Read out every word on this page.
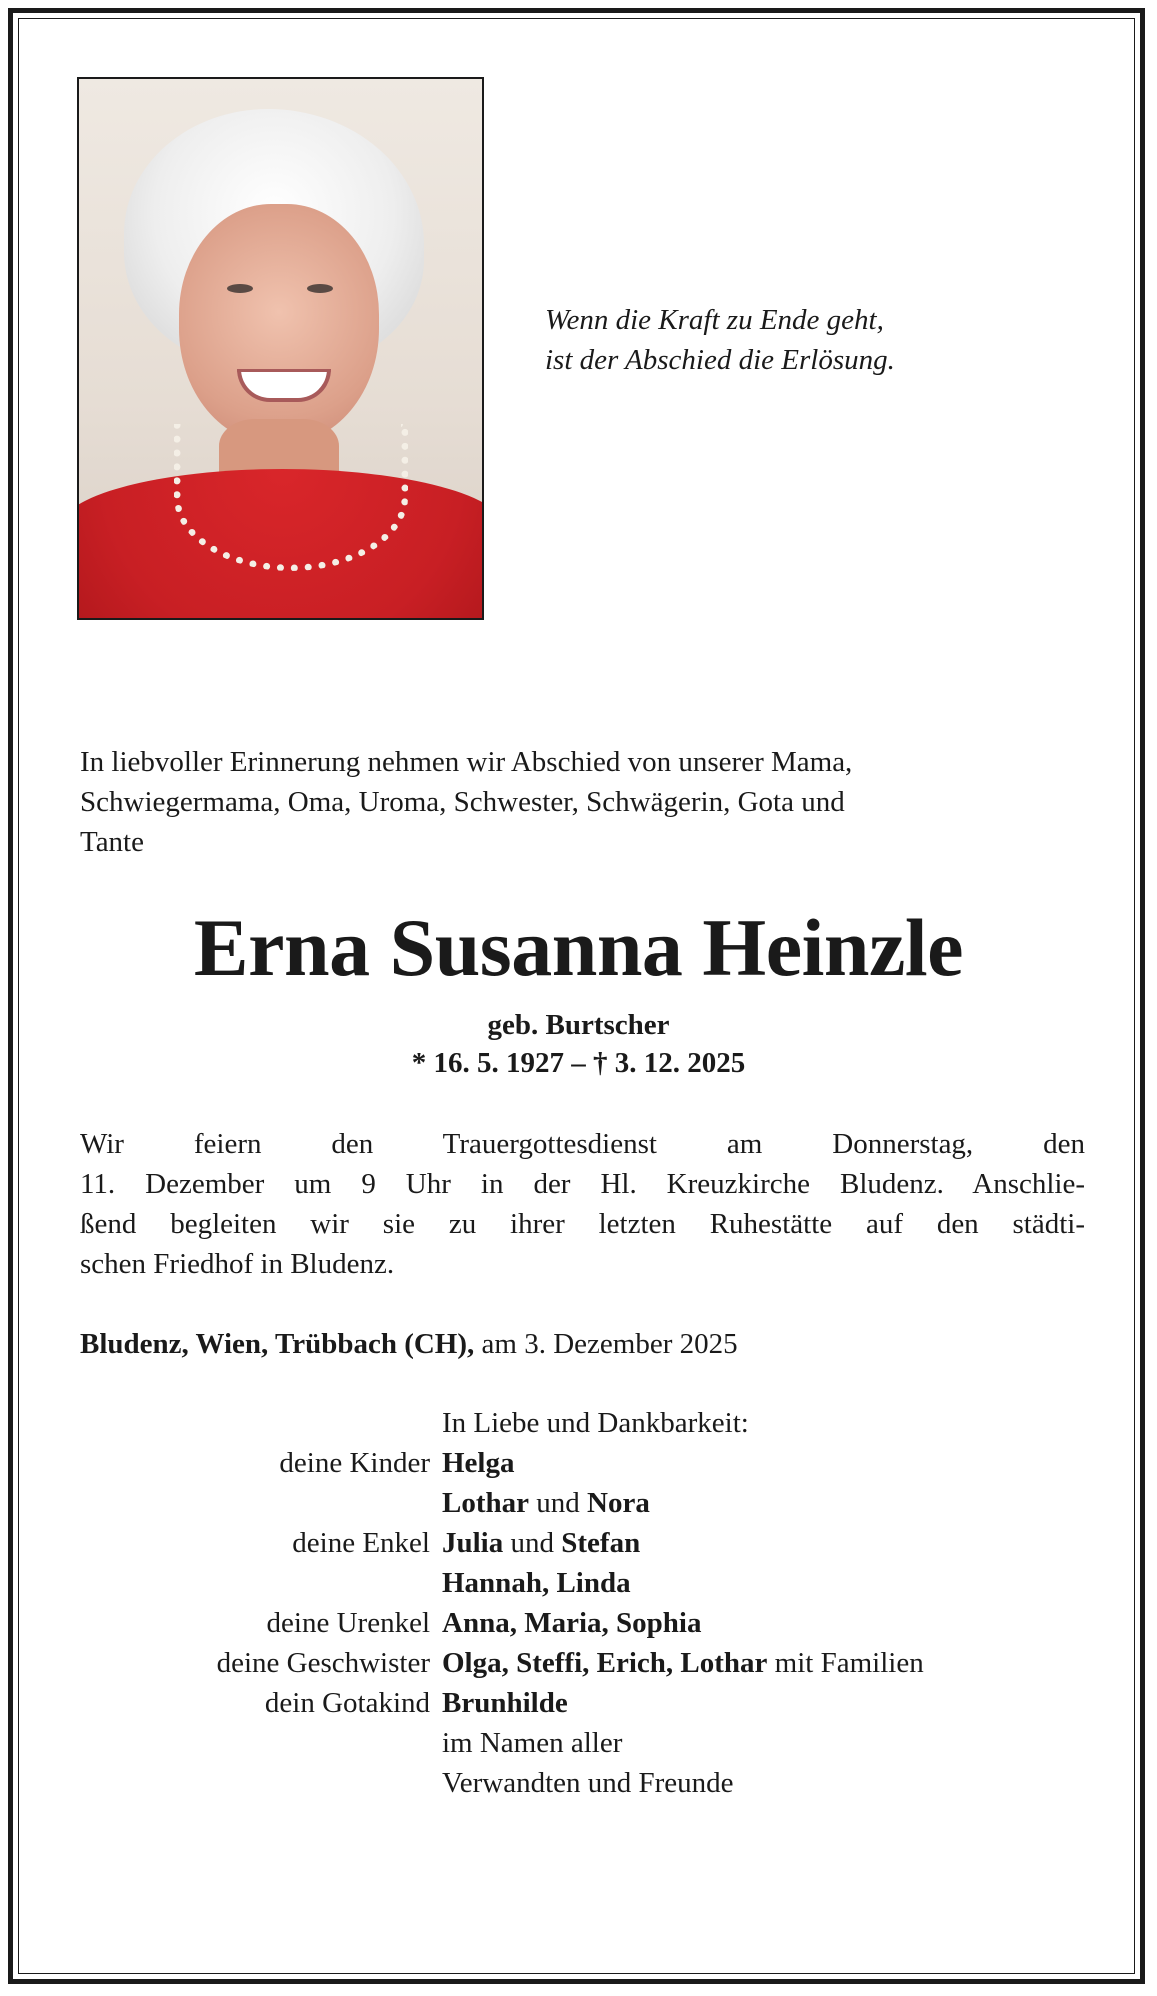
Wenn die Kraft zu Ende geht,
ist der Abschied die Erlösung.
In liebvoller Erinnerung nehmen wir Abschied von unserer Mama,
Schwiegermama, Oma, Uroma, Schwester, Schwägerin, Gota und
Tante
Erna Susanna Heinzle
geb. Burtscher
* 16. 5. 1927 – † 3. 12. 2025
Wir feiern den Trauergottesdienst am Donnerstag, den
11. Dezember um 9 Uhr in der Hl. Kreuzkirche Bludenz. Anschlie-
ßend begleiten wir sie zu ihrer letzten Ruhestätte auf den städti-
schen Friedhof in Bludenz.
Bludenz, Wien, Trübbach (CH), am 3. Dezember 2025
In Liebe und Dankbarkeit:
deine Kinder Helga
Lothar und Nora
deine Enkel Julia und Stefan
Hannah, Linda
deine Urenkel Anna, Maria, Sophia
deine Geschwister Olga, Steffi, Erich, Lothar mit Familien
dein Gotakind Brunhilde
im Namen aller
Verwandten und Freunde
